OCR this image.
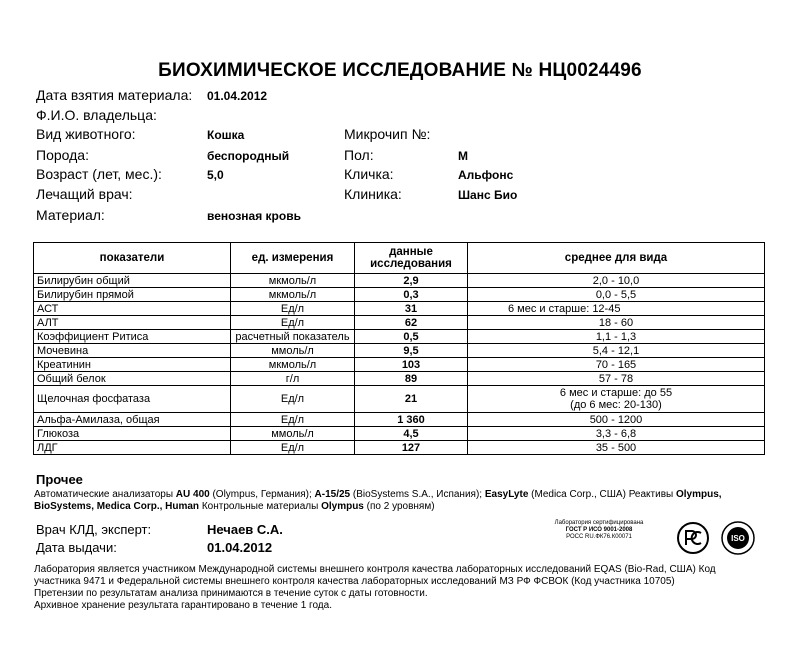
БИОХИМИЧЕСКОЕ ИССЛЕДОВАНИЕ № НЦ0024496
Дата взятия материала: 01.04.2012
Ф.И.О. владельца:
Вид животного:	Кошка
Порода:	беспородный
Возраст (лет, мес.):	5,0
Лечащий врач:
Материал:	венозная кровь
Микрочип №:
Пол:	М
Кличка:	Альфонс
Клиника:	Шанс Био
показатели	ед. измерения	данные исследования	среднее для вида
Билирубин общий	мкмоль/л	2,9	2,0 - 10,0
Билирубин прямой	мкмоль/л	0,3	0,0 - 5,5
АСТ	Ед/л	31	6 мес и старше: 12-45
АЛТ	Ед/л	62	18 - 60
Коэффициент Ритиса	расчетный показатель	0,5	1,1 - 1,3
Мочевина	ммоль/л	9,5	5,4 - 12,1
Креатинин	мкмоль/л	103	70 - 165
Общий белок	г/л	89	57 - 78
Щелочная фосфатаза	Ед/л	21	6 мес и старше: до 55
(до 6 мес: 20-130)

Альфа-Амилаза, общая	Ед/л	1 360	500 - 1200
Глюкоза	ммоль/л	4,5	3,3 - 6,8
ЛДГ	Ед/л	127	35 - 500
Прочее
Автоматические анализаторы AU 400 (Olympus, Германия); A-15/25 (BioSystems S.A., Испания); EasyLyte (Medica Corp., США) Реактивы Olympus,
BioSystems, Medica Corp., Human Контрольные материалы Olympus (по 2 уровням)
Врач КЛД, эксперт:	Нечаев С.А.
Дата выдачи:	01.04.2012
Лаборатория сертифицирована
ГОСТ Р ИСО 9001-2008
РОСС RU.ФК76.К00071	ISO
Лаборатория является участником Международной системы внешнего контроля качества лабораторных исследований EQAS (Bio-Rad, США) Код
участника 9471 и Федеральной системы внешнего контроля качества лабораторных исследований МЗ РФ ФСВОК (Код участника 10705)
Претензии по результатам анализа принимаются в течение суток с даты готовности.
Архивное хранение результата гарантировано в течение 1 года.
